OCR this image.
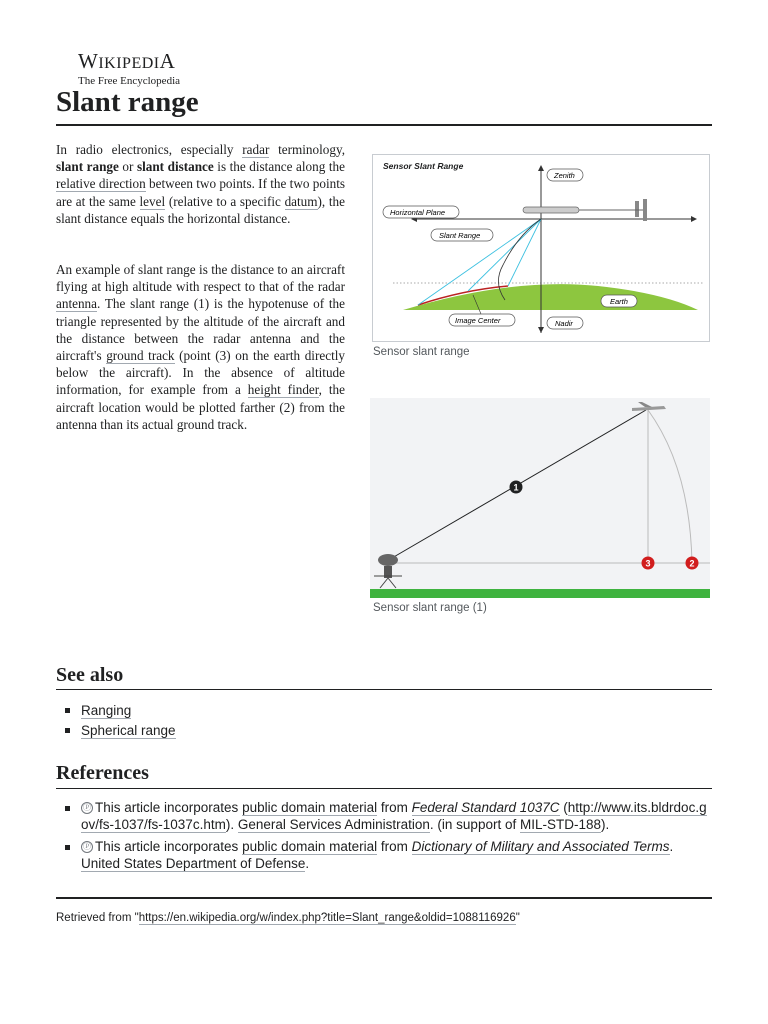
WIKIPEDIA
The Free Encyclopedia
Slant range

In radio electronics, especially radar terminology, slant range or slant distance is the distance along the relative direction between two points. If the two points are at the same level (relative to a specific datum), the slant distance equals the horizontal distance.

An example of slant range is the distance to an aircraft flying at high altitude with respect to that of the radar antenna. The slant range (1) is the hypotenuse of the triangle represented by the altitude of the aircraft and the distance between the radar antenna and the aircraft's ground track (point (3) on the earth directly below the aircraft). In the absence of altitude information, for example from a height finder, the aircraft location would be plotted farther (2) from the antenna than its actual ground track.

Sensor Slant Range
Zenith
Horizontal Plane
Slant Range
Earth
Image Center	Nadir
Sensor slant range
1
2
3
Sensor slant range (1)
See also
Ranging
Spherical range
References
Ⓟ This article incorporates public domain material from Federal Standard 1037C (http://www.its.bldrdoc.gov/fs-1037/fs-1037c.htm). General Services Administration. (in support of MIL-STD-188).
Ⓟ This article incorporates public domain material from Dictionary of Military and Associated Terms. United States Department of Defense.
Retrieved from "https://en.wikipedia.org/w/index.php?title=Slant_range&oldid=1088116926"
